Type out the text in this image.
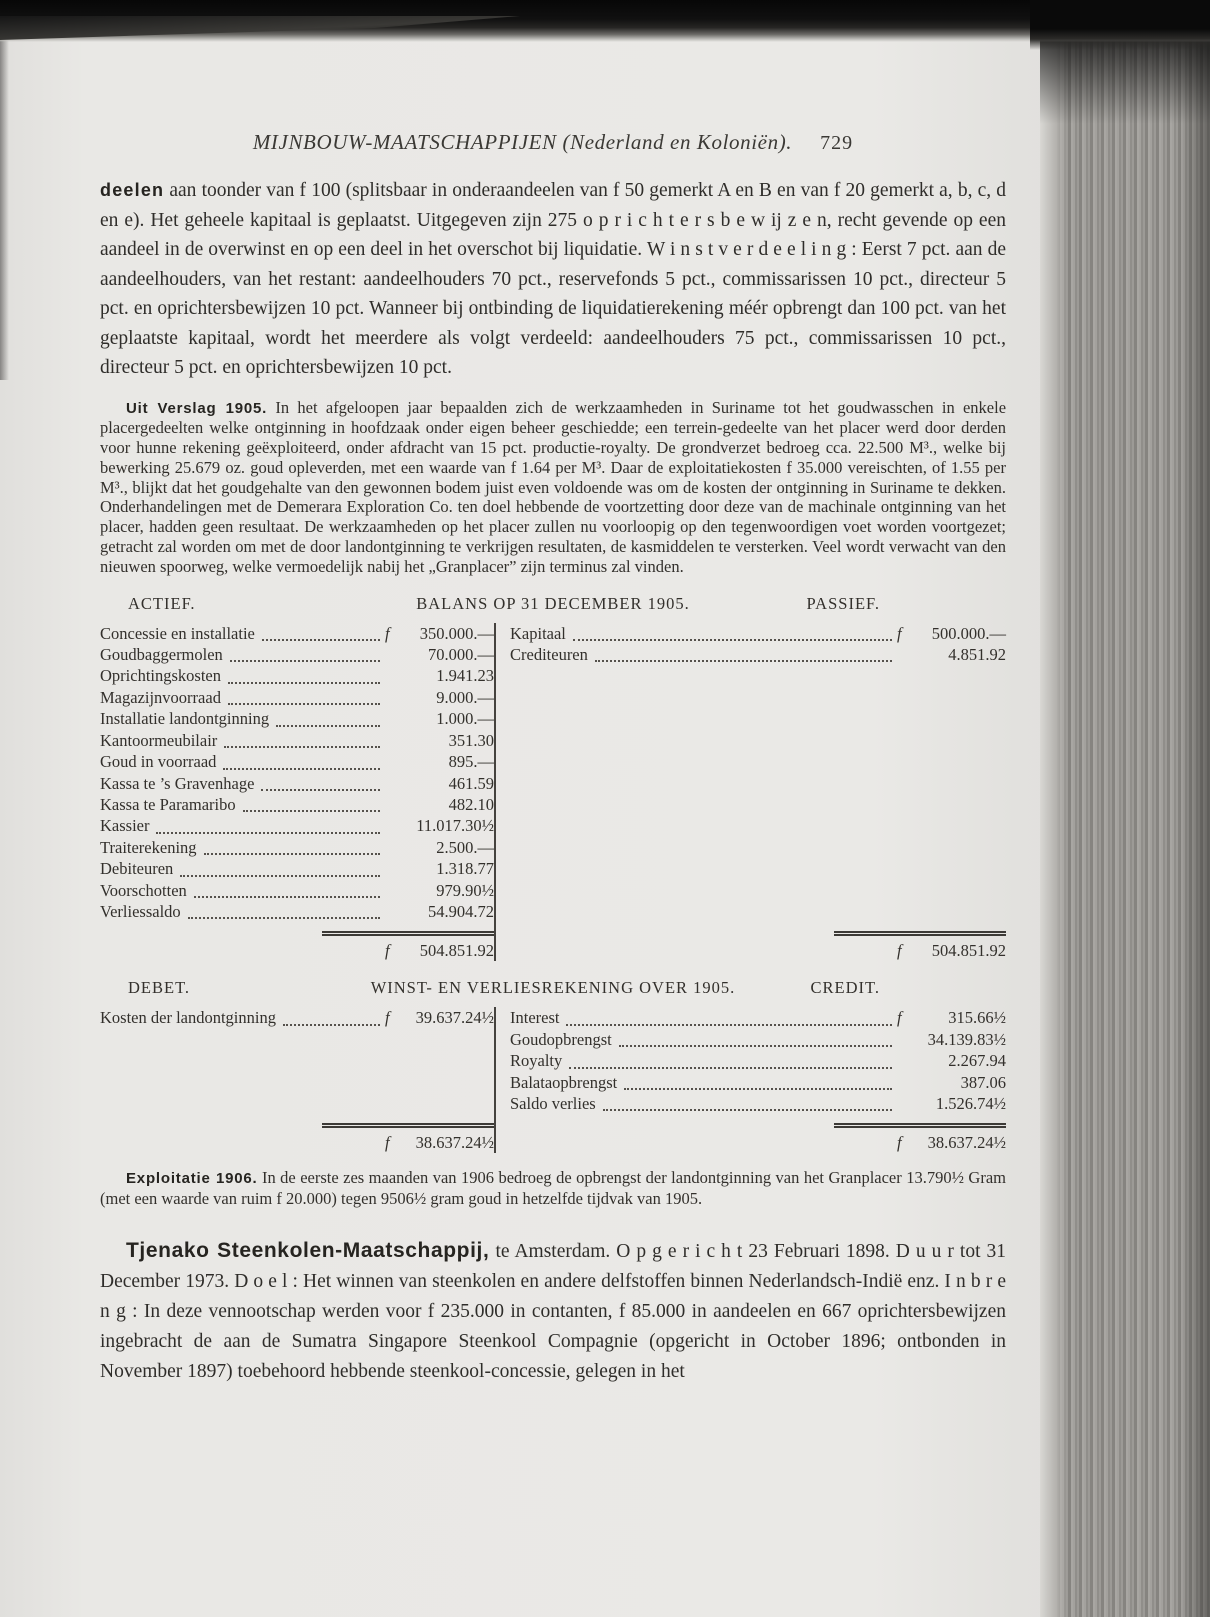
MIJNBOUW-MAATSCHAPPIJEN (Nederland en Koloniën). 729

deelen aan toonder van f 100 (splitsbaar in onderaandeelen van f 50 gemerkt A en B en van f 20 gemerkt a, b, c, d en e). Het geheele kapitaal is geplaatst. Uitgegeven zijn 275 o p r i c h t e r s b e w ij z e n, recht gevende op een aandeel in de overwinst en op een deel in het overschot bij liquidatie. W i n s t v e r d e e l i n g : Eerst 7 pct. aan de aandeelhouders, van het restant: aandeelhouders 70 pct., reservefonds 5 pct., commissarissen 10 pct., directeur 5 pct. en oprichtersbewijzen 10 pct. Wanneer bij ontbinding de liquidatierekening méér opbrengt dan 100 pct. van het geplaatste kapitaal, wordt het meerdere als volgt verdeeld: aandeelhouders 75 pct., commissarissen 10 pct., directeur 5 pct. en oprichtersbewijzen 10 pct.

Uit Verslag 1905. In het afgeloopen jaar bepaalden zich de werkzaamheden in Suriname tot het goudwasschen in enkele placergedeelten welke ontginning in hoofdzaak onder eigen beheer geschiedde; een terrein-gedeelte van het placer werd door derden voor hunne rekening geëxploiteerd, onder afdracht van 15 pct. productie-royalty. De grondverzet bedroeg cca. 22.500 M³., welke bij bewerking 25.679 oz. goud opleverden, met een waarde van f 1.64 per M³. Daar de exploitatiekosten f 35.000 vereischten, of 1.55 per M³., blijkt dat het goudgehalte van den gewonnen bodem juist even voldoende was om de kosten der ontginning in Suriname te dekken. Onderhandelingen met de Demerara Exploration Co. ten doel hebbende de voortzetting door deze van de machinale ontginning van het placer, hadden geen resultaat. De werkzaamheden op het placer zullen nu voorloopig op den tegenwoordigen voet worden voortgezet; getracht zal worden om met de door landontginning te verkrijgen resultaten, de kasmiddelen te versterken. Veel wordt verwacht van den nieuwen spoorweg, welke vermoedelijk nabij het „Granplacer” zijn terminus zal vinden.

ACTIEF.	BALANS OP 31 DECEMBER 1905.	PASSIEF.
Concessie en installatie	f	350.000.—
Goudbaggermolen	70.000.—
Oprichtingskosten	1.941.23
Magazijnvoorraad	9.000.—
Installatie landontginning	1.000.—
Kantoormeubilair	351.30
Goud in voorraad	895.—
Kassa te ’s Gravenhage	461.59
Kassa te Paramaribo	482.10
Kassier	11.017.30½
Traiterekening	2.500.—
Debiteuren	1.318.77
Voorschotten	979.90½
Verliessaldo	54.904.72
f	504.851.92
Kapitaal	f	500.000.—
Crediteuren	4.851.92
f	504.851.92
DEBET.	WINST- EN VERLIESREKENING OVER 1905.	CREDIT.
Kosten der landontginning	f	39.637.24½
f	38.637.24½
Interest	f	315.66½
Goudopbrengst	34.139.83½
Royalty	2.267.94
Balataopbrengst	387.06
Saldo verlies	1.526.74½
f	38.637.24½

Exploitatie 1906. In de eerste zes maanden van 1906 bedroeg de opbrengst der landontginning van het Granplacer 13.790½ Gram (met een waarde van ruim f 20.000) tegen 9506½ gram goud in hetzelfde tijdvak van 1905.

Tjenako Steenkolen-Maatschappij, te Amsterdam. O p g e r i c h t 23 Februari 1898. D u u r tot 31 December 1973. D o e l : Het winnen van steenkolen en andere delfstoffen binnen Nederlandsch-Indië enz. I n b r e n g : In deze vennootschap werden voor f 235.000 in contanten, f 85.000 in aandeelen en 667 oprichtersbewijzen ingebracht de aan de Sumatra Singapore Steenkool Compagnie (opgericht in October 1896; ontbonden in November 1897) toebehoord hebbende steenkool-concessie, gelegen in het
